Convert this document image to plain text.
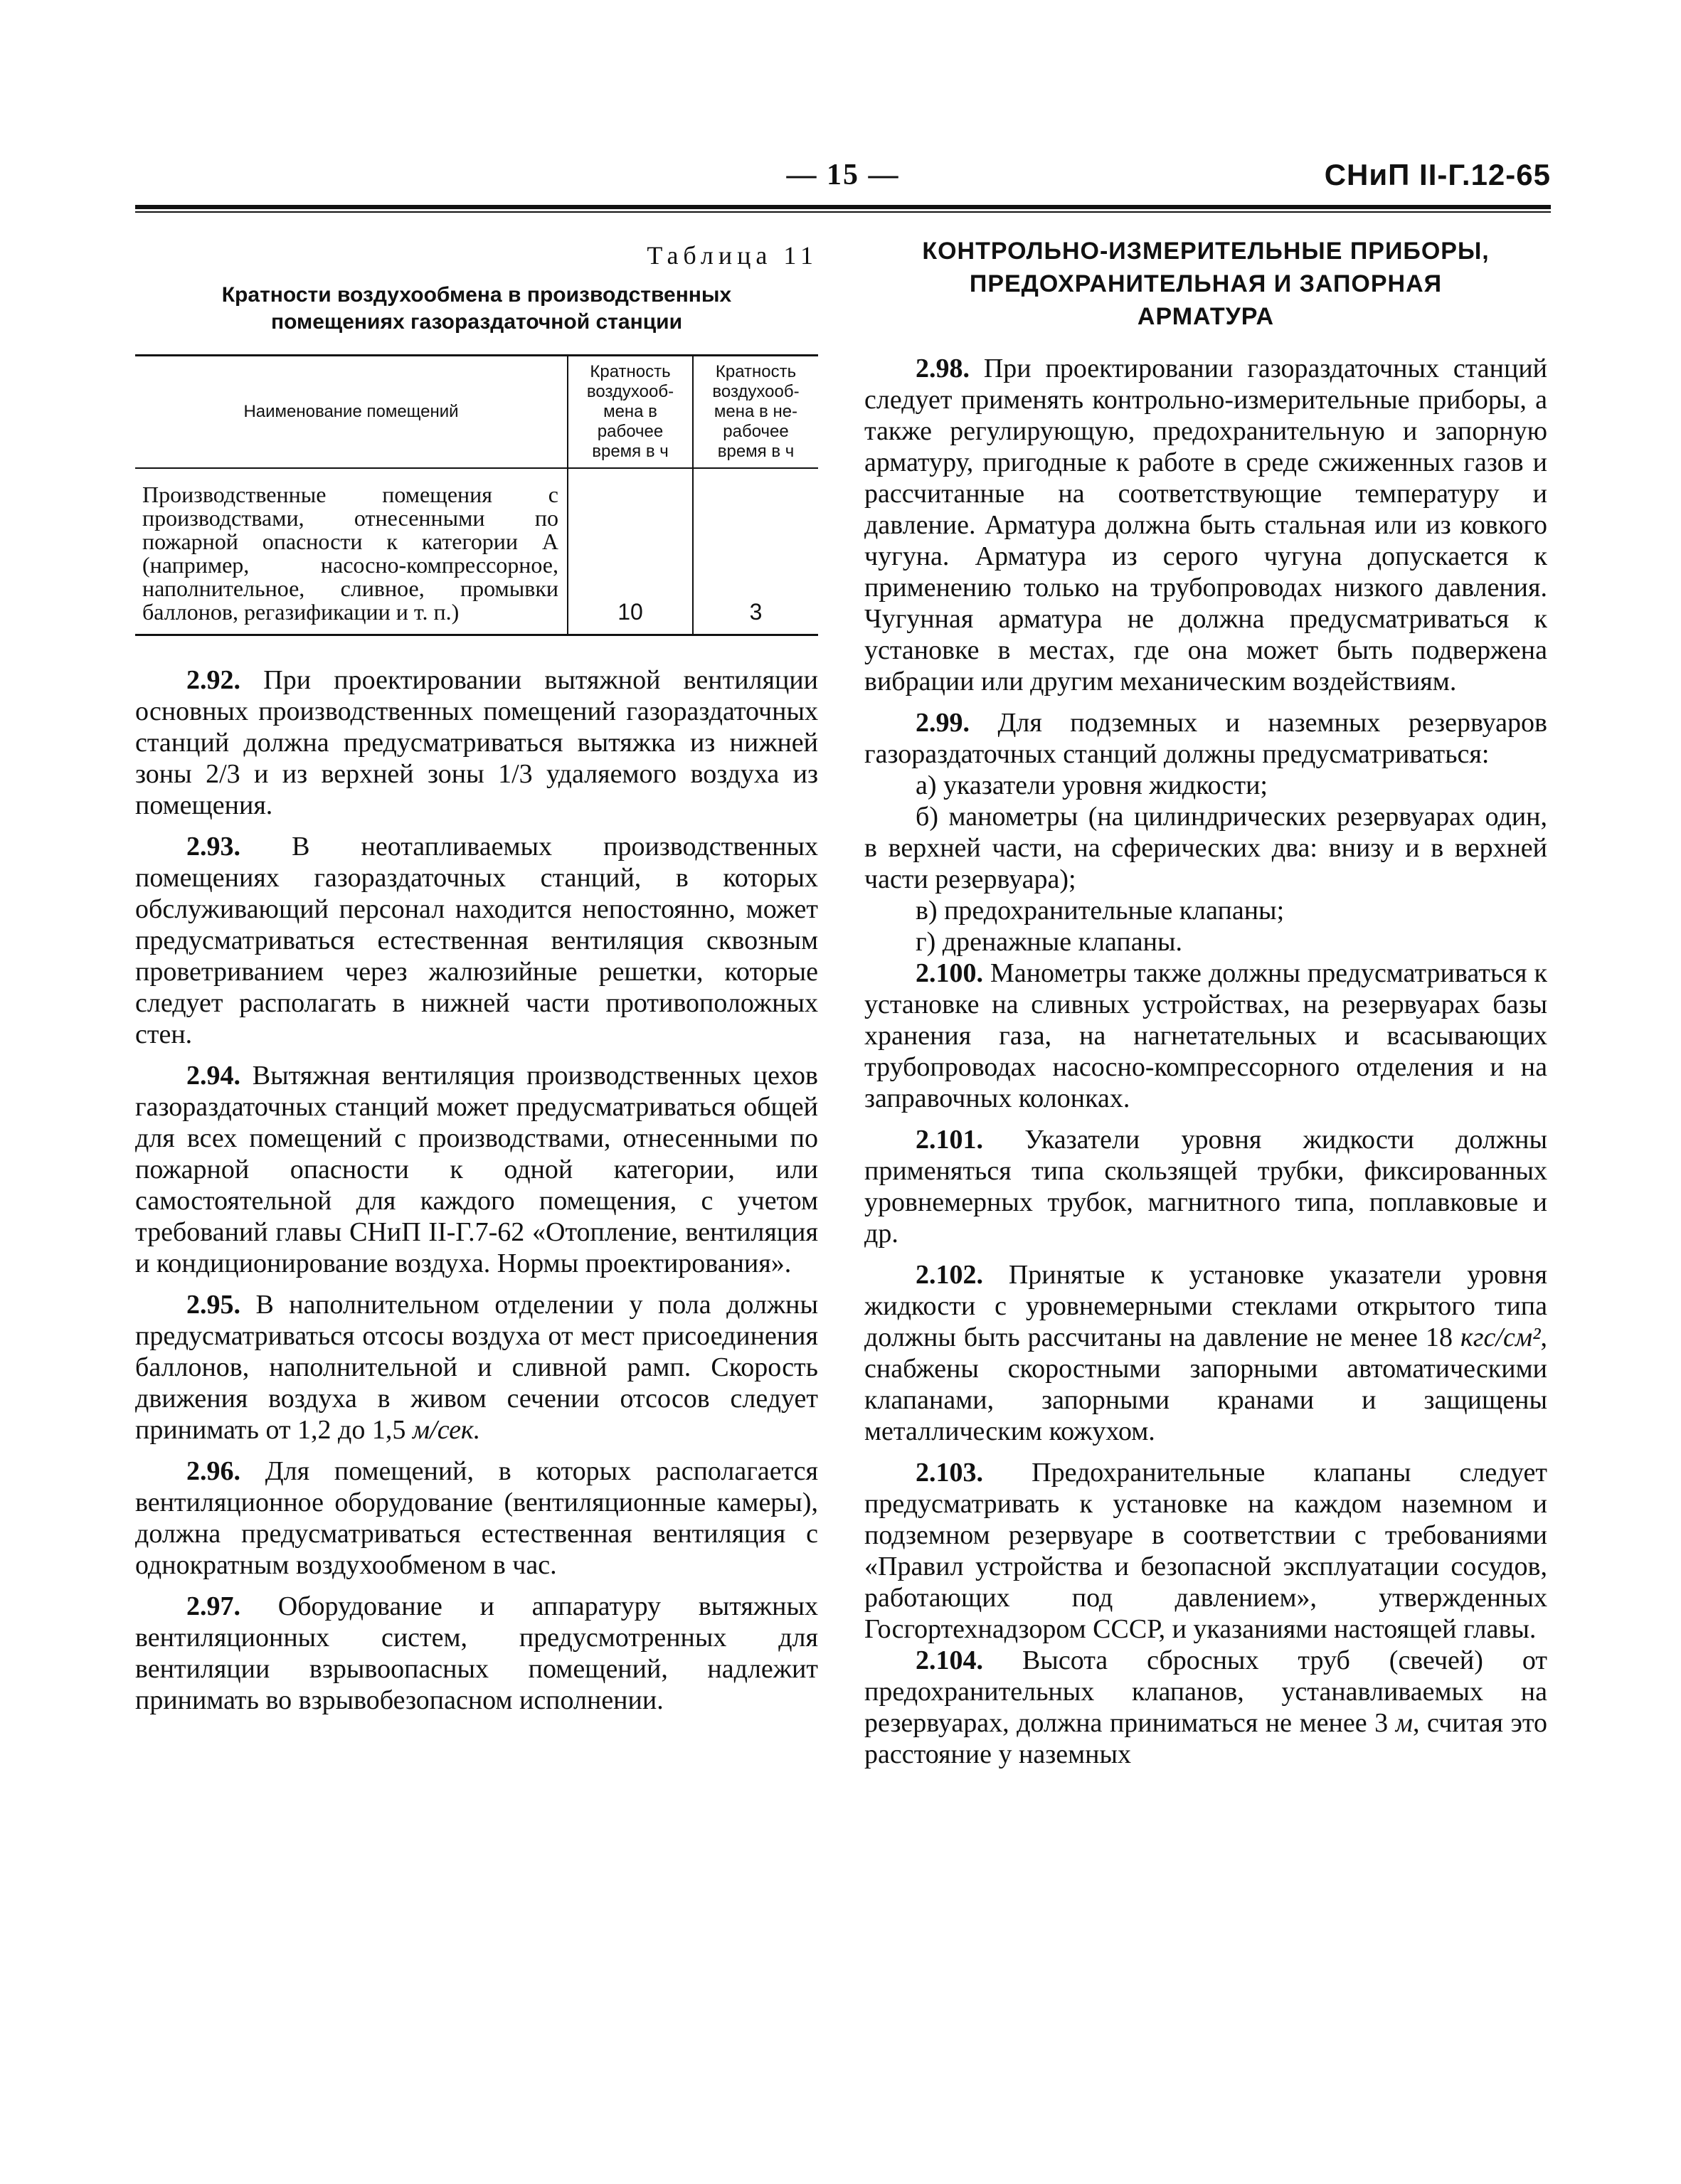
— 15 —	СНиП II-Г.12-65
Таблица 11
Кратности воздухообмена в производственных
помещениях газораздаточной станции
Наименование помещений	Кратность воздухооб-мена в рабочее время в ч	Кратность воздухооб-мена в не-рабочее время в ч
Производственные помещения с производствами, отнесенными по пожарной опасности к категории А (например, насосно-компрессорное, наполнительное, сливное, промывки баллонов, регазификации и т. п.)	10	3

2.92. При проектировании вытяжной вентиляции основных производственных помещений газораздаточных станций должна предусматриваться вытяжка из нижней зоны 2/3 и из верхней зоны 1/3 удаляемого воздуха из помещения.

2.93. В неотапливаемых производственных помещениях газораздаточных станций, в которых обслуживающий персонал находится непостоянно, может предусматриваться естественная вентиляция сквозным проветриванием через жалюзийные решетки, которые следует располагать в нижней части противоположных стен.

2.94. Вытяжная вентиляция производственных цехов газораздаточных станций может предусматриваться общей для всех помещений с производствами, отнесенными по пожарной опасности к одной категории, или самостоятельной для каждого помещения, с учетом требований главы СНиП II-Г.7-62 «Отопление, вентиляция и кондиционирование воздуха. Нормы проектирования».

2.95. В наполнительном отделении у пола должны предусматриваться отсосы воздуха от мест присоединения баллонов, наполнительной и сливной рамп. Скорость движения воздуха в живом сечении отсосов следует принимать от 1,2 до 1,5 м/сек.

2.96. Для помещений, в которых располагается вентиляционное оборудование (вентиляционные камеры), должна предусматриваться естественная вентиляция с однократным воздухообменом в час.

2.97. Оборудование и аппаратуру вытяжных вентиляционных систем, предусмотренных для вентиляции взрывоопасных помещений, надлежит принимать во взрывобезопасном исполнении.

КОНТРОЛЬНО-ИЗМЕРИТЕЛЬНЫЕ ПРИБОРЫ,
ПРЕДОХРАНИТЕЛЬНАЯ И ЗАПОРНАЯ
АРМАТУРА

2.98. При проектировании газораздаточных станций следует применять контрольно-измерительные приборы, а также регулирующую, предохранительную и запорную арматуру, пригодные к работе в среде сжиженных газов и рассчитанные на соответствующие температуру и давление. Арматура должна быть стальная или из ковкого чугуна. Арматура из серого чугуна допускается к применению только на трубопроводах низкого давления. Чугунная арматура не должна предусматриваться к установке в местах, где она может быть подвержена вибрации или другим механическим воздействиям.

2.99. Для подземных и наземных резервуаров газораздаточных станций должны предусматриваться:

а) указатели уровня жидкости;

б) манометры (на цилиндрических резервуарах один, в верхней части, на сферических два: внизу и в верхней части резервуара);

в) предохранительные клапаны;

г) дренажные клапаны.

2.100. Манометры также должны предусматриваться к установке на сливных устройствах, на резервуарах базы хранения газа, на нагнетательных и всасывающих трубопроводах насосно-компрессорного отделения и на заправочных колонках.

2.101. Указатели уровня жидкости должны применяться типа скользящей трубки, фиксированных уровнемерных трубок, магнитного типа, поплавковые и др.

2.102. Принятые к установке указатели уровня жидкости с уровнемерными стеклами открытого типа должны быть рассчитаны на давление не менее 18 кгс/см², снабжены скоростными запорными автоматическими клапанами, запорными кранами и защищены металлическим кожухом.

2.103. Предохранительные клапаны следует предусматривать к установке на каждом наземном и подземном резервуаре в соответствии с требованиями «Правил устройства и безопасной эксплуатации сосудов, работающих под давлением», утвержденных Госгортехнадзором СССР, и указаниями настоящей главы.

2.104. Высота сбросных труб (свечей) от предохранительных клапанов, устанавливаемых на резервуарах, должна приниматься не менее 3 м, считая это расстояние у наземных
